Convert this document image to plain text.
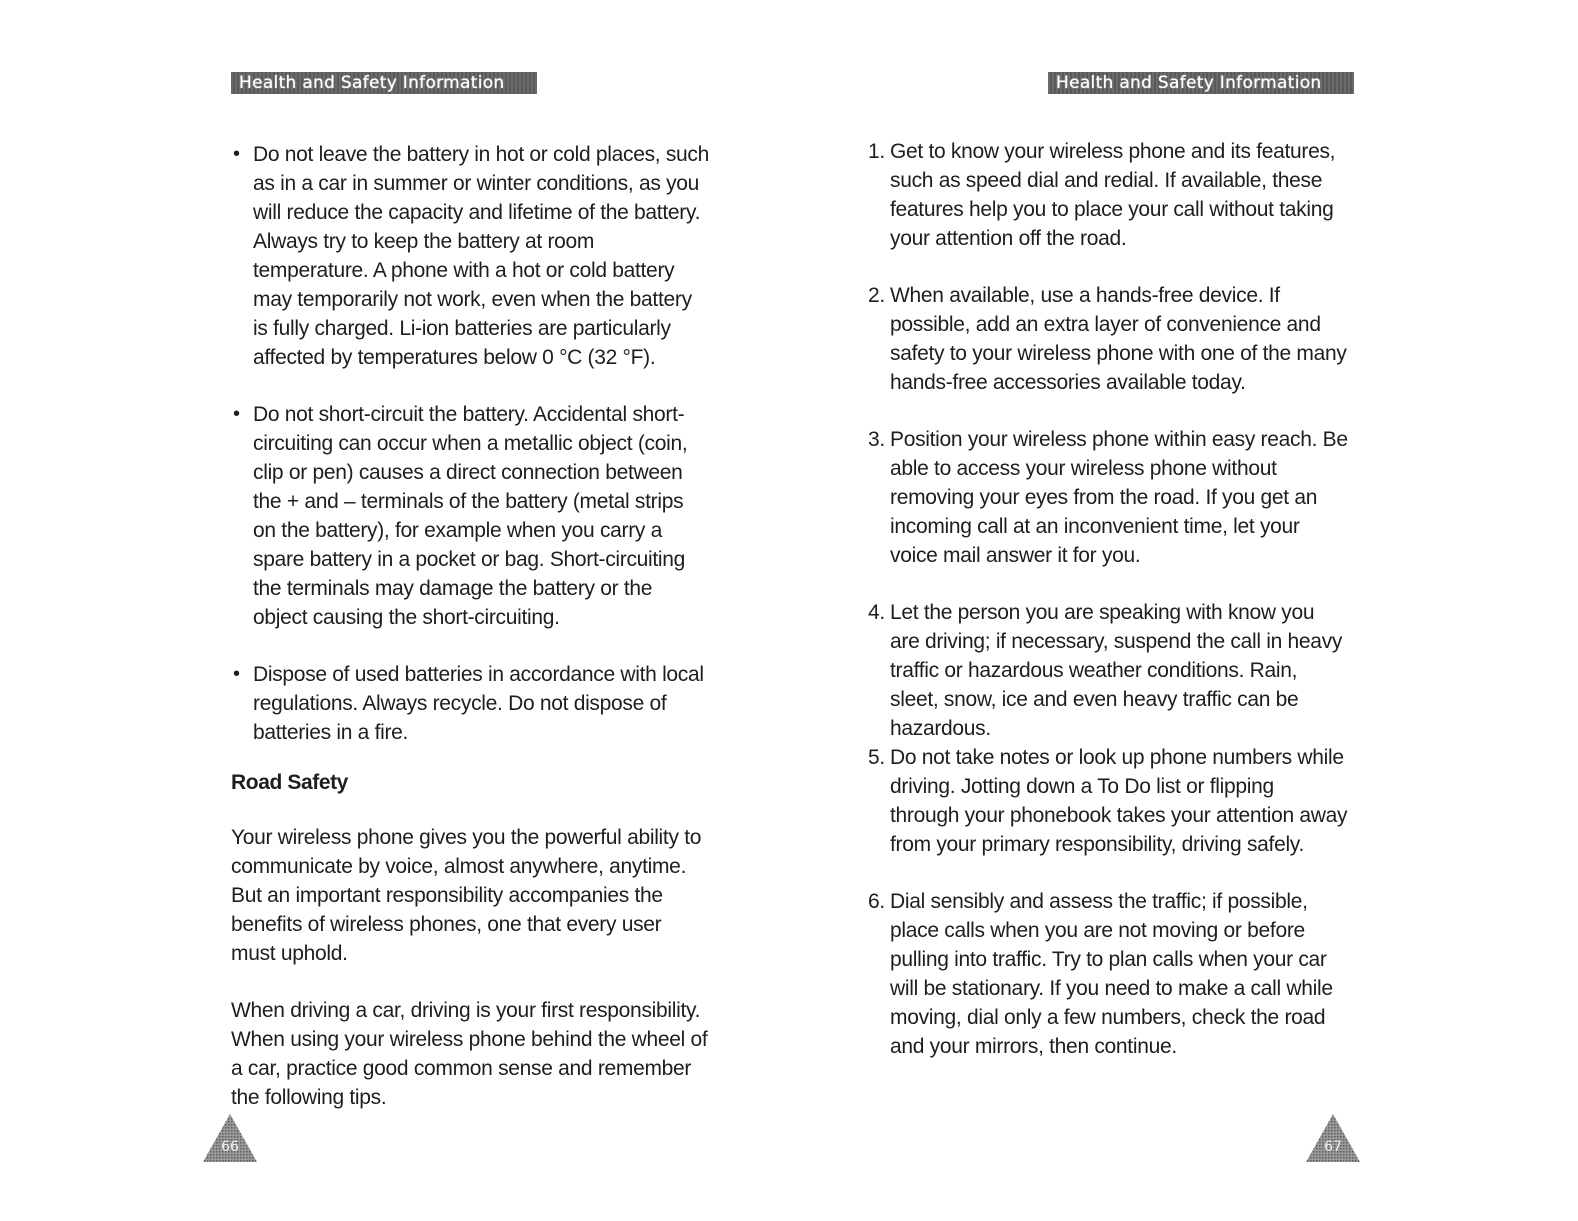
Health and Safety Information
• Do not leave the battery in hot or cold places, such as in a car in summer or winter conditions, as you will reduce the capacity and lifetime of the battery. Always try to keep the battery at room temperature. A phone with a hot or cold battery may temporarily not work, even when the battery is fully charged. Li-ion batteries are particularly affected by temperatures below 0 °C (32 °F).

• Do not short-circuit the battery. Accidental short-circuiting can occur when a metallic object (coin, clip or pen) causes a direct connection between the + and – terminals of the battery (metal strips on the battery), for example when you carry a spare battery in a pocket or bag. Short-circuiting the terminals may damage the battery or the object causing the short-circuiting.

• Dispose of used batteries in accordance with local regulations. Always recycle. Do not dispose of batteries in a fire.

Road Safety

Your wireless phone gives you the powerful ability to communicate by voice, almost anywhere, anytime. But an important responsibility accompanies the benefits of wireless phones, one that every user must uphold.

When driving a car, driving is your first responsibility. When using your wireless phone behind the wheel of a car, practice good common sense and remember the following tips.

66
Health and Safety Information
1. Get to know your wireless phone and its features, such as speed dial and redial. If available, these features help you to place your call without taking your attention off the road.

2. When available, use a hands-free device. If possible, add an extra layer of convenience and safety to your wireless phone with one of the many hands-free accessories available today.

3. Position your wireless phone within easy reach. Be able to access your wireless phone without removing your eyes from the road. If you get an incoming call at an inconvenient time, let your voice mail answer it for you.

4. Let the person you are speaking with know you are driving; if necessary, suspend the call in heavy traffic or hazardous weather conditions. Rain, sleet, snow, ice and even heavy traffic can be hazardous.

5. Do not take notes or look up phone numbers while driving. Jotting down a To Do list or flipping through your phonebook takes your attention away from your primary responsibility, driving safely.

6. Dial sensibly and assess the traffic; if possible, place calls when you are not moving or before pulling into traffic. Try to plan calls when your car will be stationary. If you need to make a call while moving, dial only a few numbers, check the road and your mirrors, then continue.

67
